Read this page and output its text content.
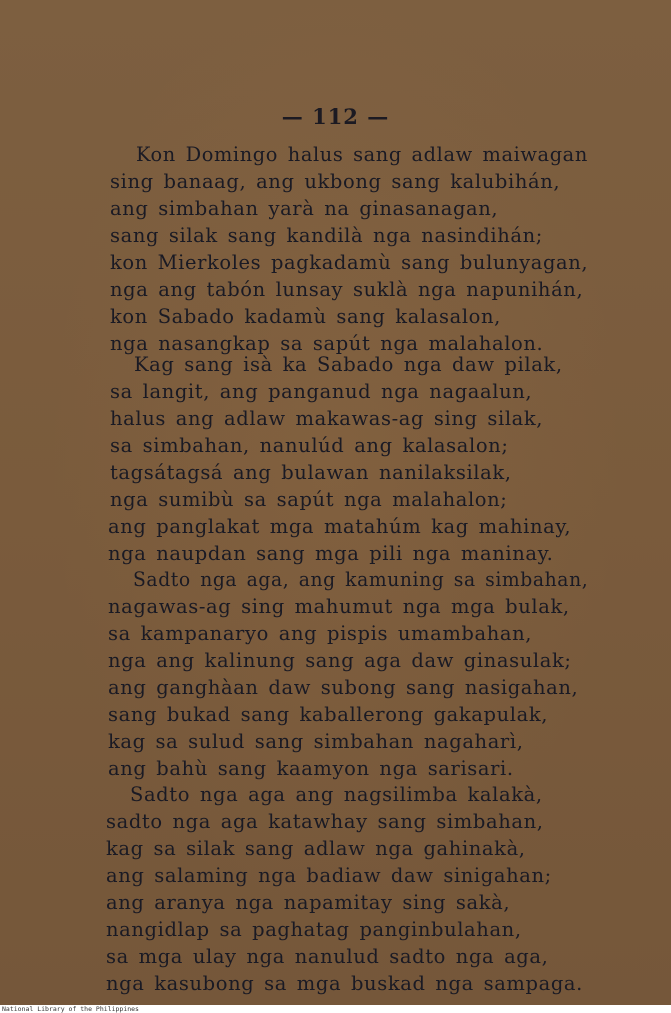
— 112 —
Kon Domingo halus sang adlaw maiwagan
sing banaag, ang ukbong sang kalubihán,
ang simbahan yarà na ginasanagan,
sang silak sang kandilà nga nasindihán;
kon Mierkoles pagkadamù sang bulunyagan,
nga ang tabón lunsay suklà nga napunihán,
kon Sabado kadamù sang kalasalon,
nga nasangkap sa sapút nga malahalon.
Kag sang isà ka Sabado nga daw pilak,
sa langit, ang panganud nga nagaalun,
halus ang adlaw makawas-ag sing silak,
sa simbahan, nanulúd ang kalasalon;
tagsátagsá ang bulawan nanilaksilak,
nga sumibù sa sapút nga malahalon;
ang panglakat mga matahúm kag mahinay,
nga naupdan sang mga pili nga maninay.
Sadto nga aga, ang kamuning sa simbahan,
nagawas-ag sing mahumut nga mga bulak,
sa kampanaryo ang pispis umambahan,
nga ang kalinung sang aga daw ginasulak;
ang ganghàan daw subong sang nasigahan,
sang bukad sang kaballerong gakapulak,
kag sa sulud sang simbahan nagaharì,
ang bahù sang kaamyon nga sarisari.
Sadto nga aga ang nagsilimba kalakà,
sadto nga aga katawhay sang simbahan,
kag sa silak sang adlaw nga gahinakà,
ang salaming nga badiaw daw sinigahan;
ang aranya nga napamitay sing sakà,
nangidlap sa paghatag panginbulahan,
sa mga ulay nga nanulud sadto nga aga,
nga kasubong sa mga buskad nga sampaga.
National Library of the Philippines
